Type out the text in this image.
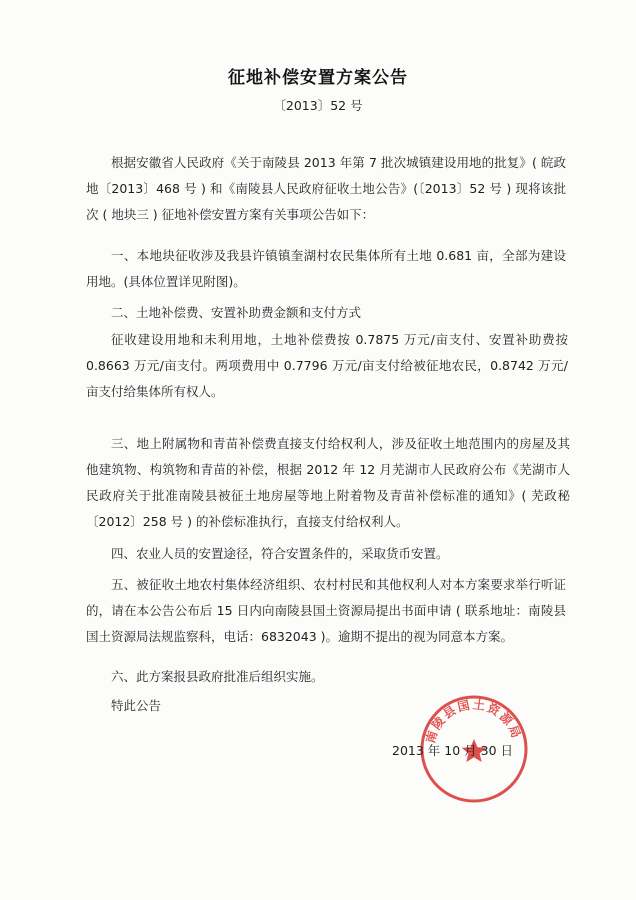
征地补偿安置方案公告
〔2013〕52 号
根据安徽省人民政府《关于南陵县 2013 年第 7 批次城镇建设用地的批复》( 皖政地〔2013〕468 号 ) 和《南陵县人民政府征收土地公告》(〔2013〕52 号 ) 现将该批次 ( 地块三 ) 征地补偿安置方案有关事项公告如下：
一、本地块征收涉及我县许镇镇奎湖村农民集体所有土地 0.681 亩，全部为建设用地。(具体位置详见附图)。
二、土地补偿费、安置补助费金额和支付方式
征收建设用地和未利用地，土地补偿费按 0.7875 万元/亩支付、安置补助费按 0.8663 万元/亩支付。两项费用中 0.7796 万元/亩支付给被征地农民，0.8742 万元/亩支付给集体所有权人。
三、地上附属物和青苗补偿费直接支付给权利人，涉及征收土地范围内的房屋及其他建筑物、构筑物和青苗的补偿，根据 2012 年 12 月芜湖市人民政府公布《芜湖市人民政府关于批准南陵县被征土地房屋等地上附着物及青苗补偿标准的通知》( 芜政秘〔2012〕258 号 ) 的补偿标准执行，直接支付给权利人。
四、农业人员的安置途径，符合安置条件的，采取货币安置。
五、被征收土地农村集体经济组织、农村村民和其他权利人对本方案要求举行听证的，请在本公告公布后 15 日内向南陵县国土资源局提出书面申请 ( 联系地址：南陵县国土资源局法规监察科，电话：6832043 )。逾期不提出的视为同意本方案。
六、此方案报县政府批准后组织实施。
特此公告
南陵县国土资源局
2013 年 10 月 30 日
